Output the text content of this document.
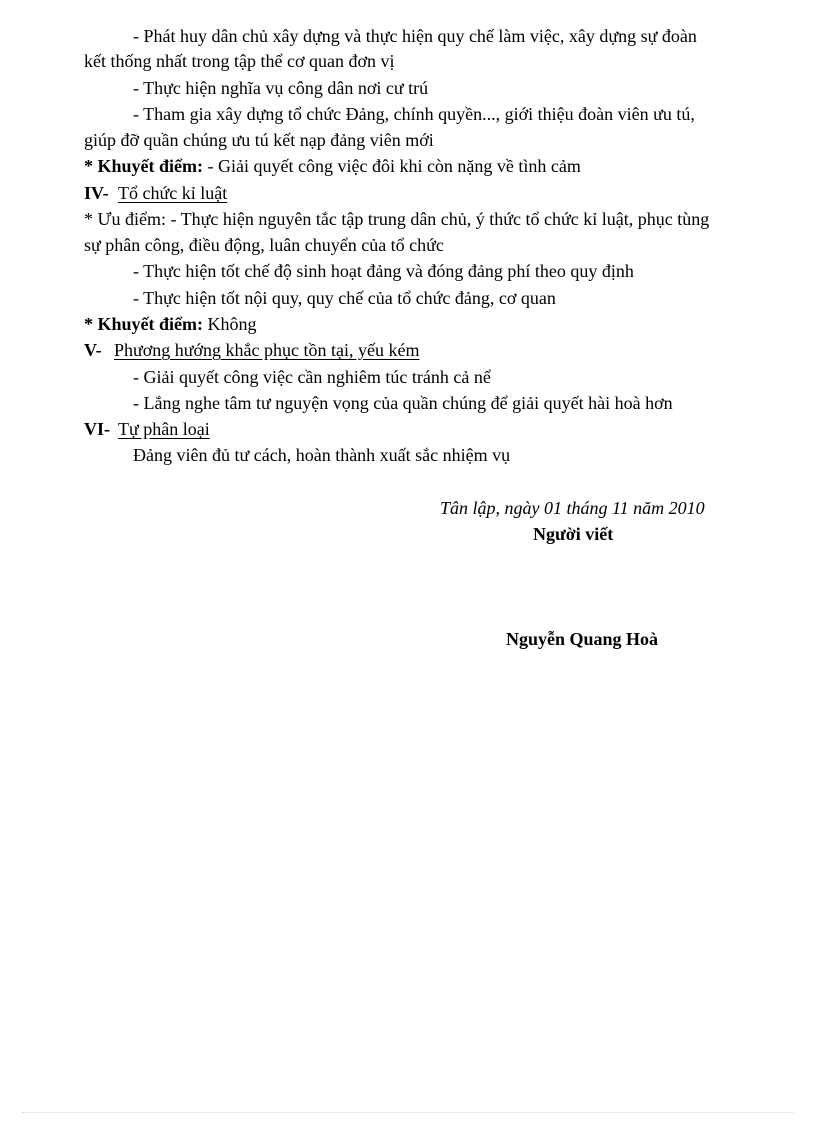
- Phát huy dân chủ xây dựng và thực hiện quy chế làm việc, xây dựng sự đoàn

kết thống nhất trong tập thể cơ quan đơn vị

- Thực hiện nghĩa vụ công dân nơi cư trú

- Tham gia xây dựng tổ chức Đảng, chính quyền..., giới thiệu đoàn viên ưu tú,

giúp đỡ quần chúng ưu tú kết nạp đảng viên mới

* Khuyết điểm: - Giải quyết công việc đôi khi còn nặng về tình cảm

IV- Tổ chức kỉ luật

* Ưu điểm: - Thực hiện nguyên tắc tập trung dân chủ, ý thức tổ chức kỉ luật, phục tùng

sự phân công, điều động, luân chuyển của tổ chức

- Thực hiện tốt chế độ sinh hoạt đảng và đóng đảng phí theo quy định

- Thực hiện tốt nội quy, quy chế của tổ chức đảng, cơ quan

* Khuyết điểm: Không

V- Phương hướng khắc phục tồn tại, yếu kém

- Giải quyết công việc cần nghiêm túc tránh cả nể

- Lắng nghe tâm tư nguyện vọng của quần chúng để giải quyết hài hoà hơn

VI- Tự phân loại

Đảng viên đủ tư cách, hoàn thành xuất sắc nhiệm vụ

Tân lập, ngày 01 tháng 11 năm 2010

Người viết

Nguyễn Quang Hoà
